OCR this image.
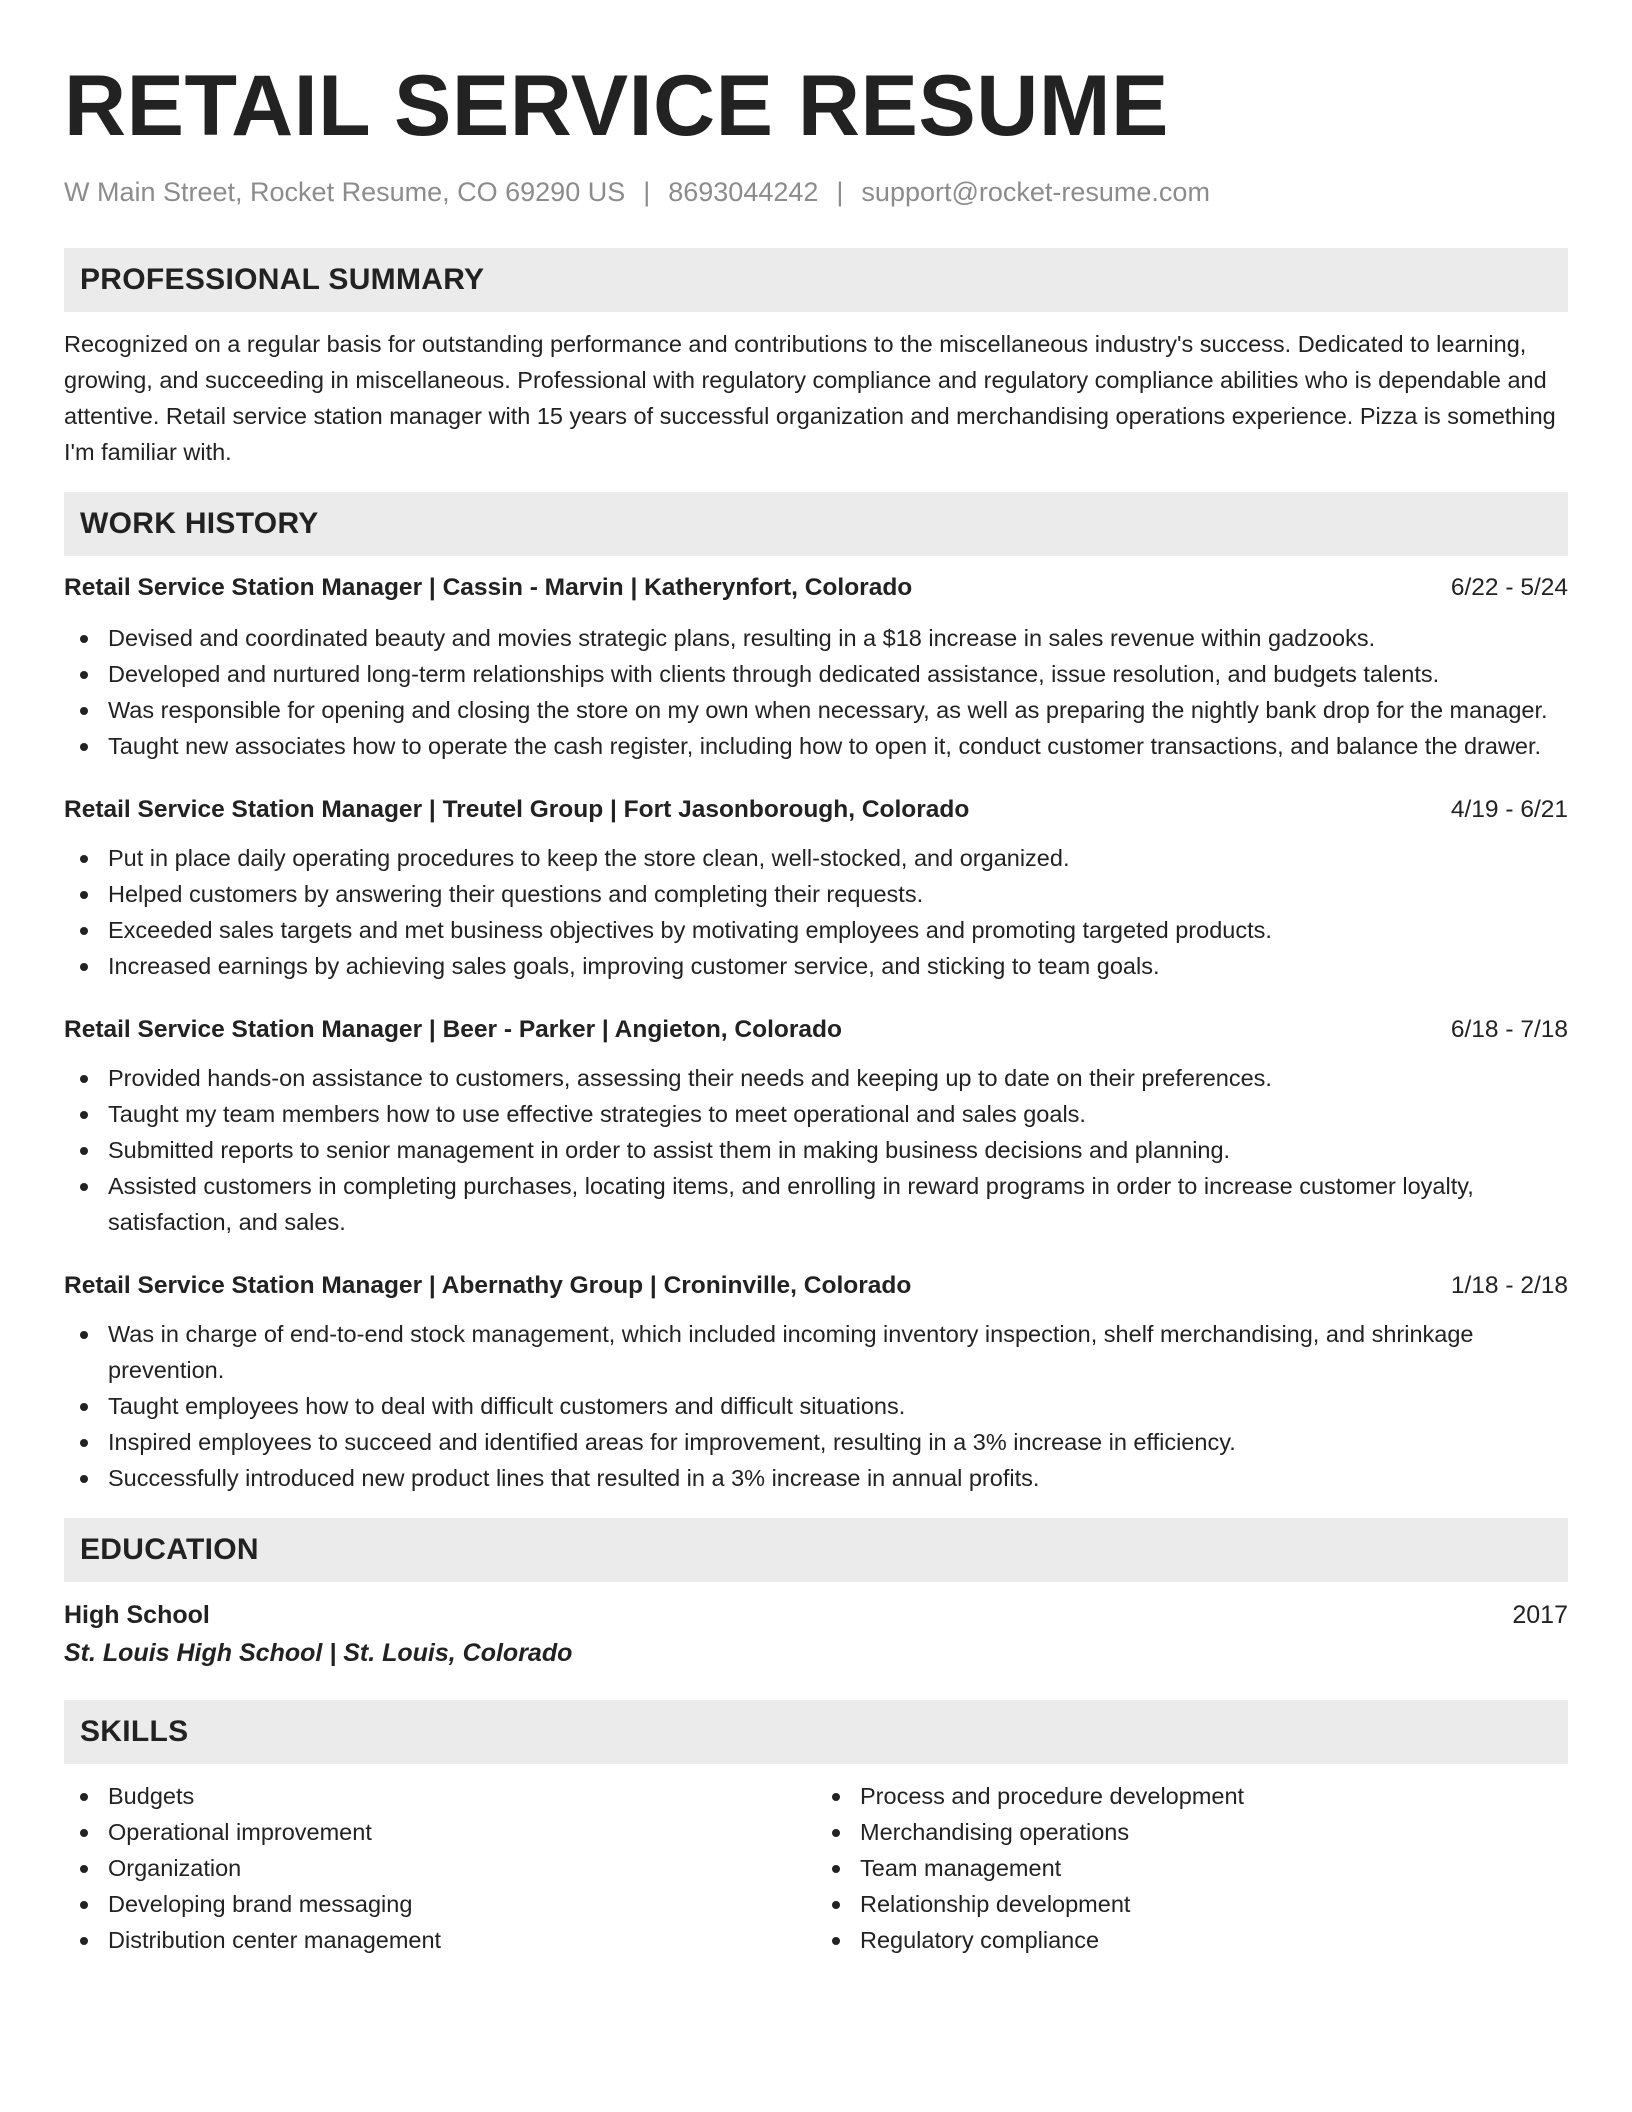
RETAIL SERVICE RESUME
W Main Street, Rocket Resume, CO 69290 US | 8693044242 | support@rocket-resume.com
PROFESSIONAL SUMMARY

Recognized on a regular basis for outstanding performance and contributions to the miscellaneous industry's success. Dedicated to learning, growing, and succeeding in miscellaneous. Professional with regulatory compliance and regulatory compliance abilities who is dependable and attentive. Retail service station manager with 15 years of successful organization and merchandising operations experience. Pizza is something I'm familiar with.

WORK HISTORY
Retail Service Station Manager | Cassin - Marvin | Katherynfort, Colorado	6/22 - 5/24
Devised and coordinated beauty and movies strategic plans, resulting in a $18 increase in sales revenue within gadzooks.
Developed and nurtured long-term relationships with clients through dedicated assistance, issue resolution, and budgets talents.
Was responsible for opening and closing the store on my own when necessary, as well as preparing the nightly bank drop for the manager.
Taught new associates how to operate the cash register, including how to open it, conduct customer transactions, and balance the drawer.
Retail Service Station Manager | Treutel Group | Fort Jasonborough, Colorado	4/19 - 6/21
Put in place daily operating procedures to keep the store clean, well-stocked, and organized.
Helped customers by answering their questions and completing their requests.
Exceeded sales targets and met business objectives by motivating employees and promoting targeted products.
Increased earnings by achieving sales goals, improving customer service, and sticking to team goals.
Retail Service Station Manager | Beer - Parker | Angieton, Colorado	6/18 - 7/18
Provided hands-on assistance to customers, assessing their needs and keeping up to date on their preferences.
Taught my team members how to use effective strategies to meet operational and sales goals.
Submitted reports to senior management in order to assist them in making business decisions and planning.
Assisted customers in completing purchases, locating items, and enrolling in reward programs in order to increase customer loyalty, satisfaction, and sales.
Retail Service Station Manager | Abernathy Group | Croninville, Colorado	1/18 - 2/18
Was in charge of end-to-end stock management, which included incoming inventory inspection, shelf merchandising, and shrinkage prevention.
Taught employees how to deal with difficult customers and difficult situations.
Inspired employees to succeed and identified areas for improvement, resulting in a 3% increase in efficiency.
Successfully introduced new product lines that resulted in a 3% increase in annual profits.
EDUCATION
High School	2017
St. Louis High School | St. Louis, Colorado
SKILLS
Budgets
Operational improvement
Organization
Developing brand messaging
Distribution center management
Process and procedure development
Merchandising operations
Team management
Relationship development
Regulatory compliance
